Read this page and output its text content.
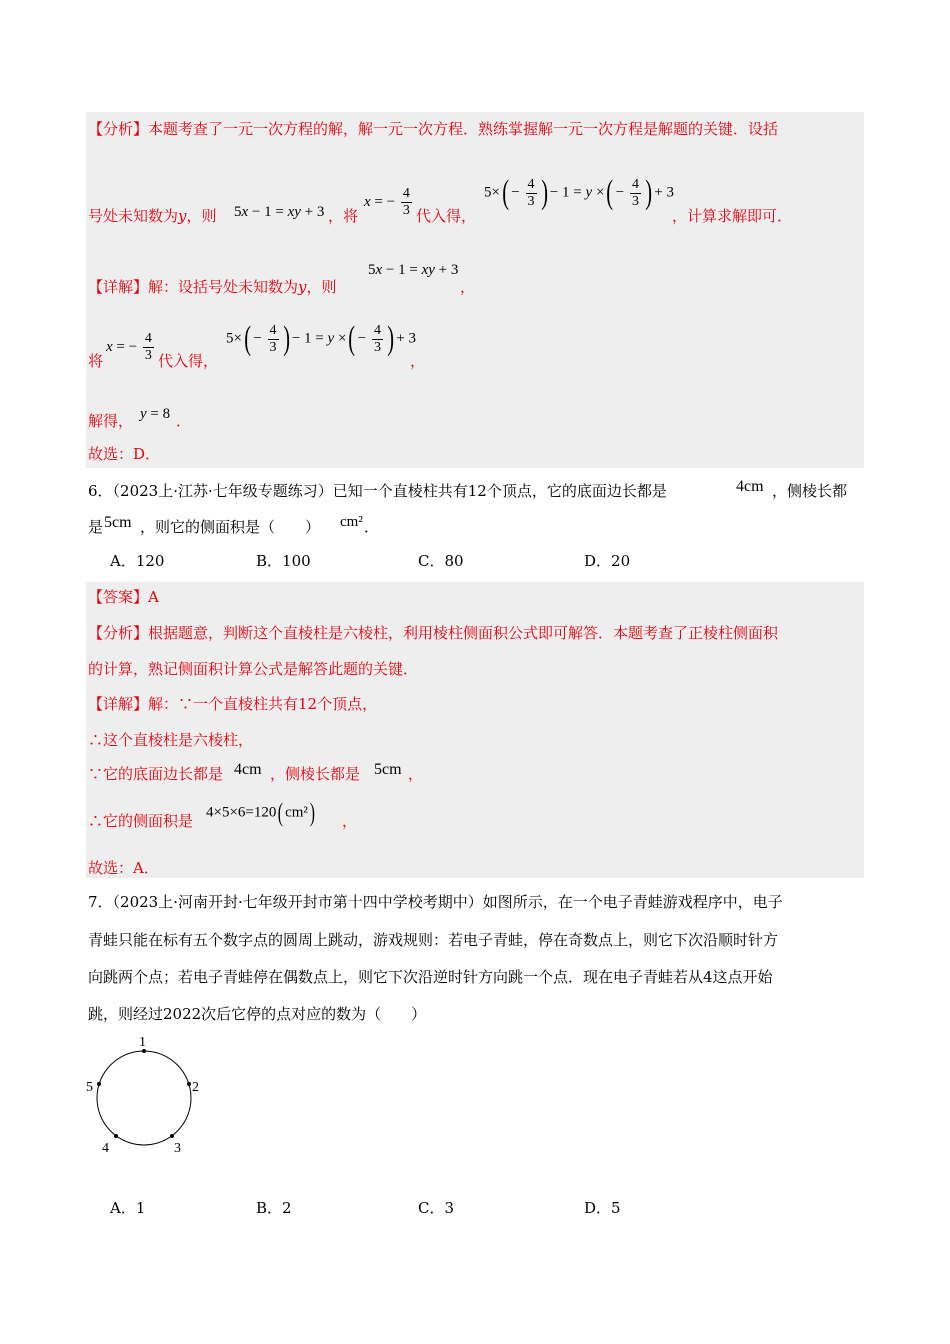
【分析】本题考查了一元一次方程的解，解一元一次方程．熟练掌握解一元一次方程是解题的关键．设括
号处未知数为y，则 5x − 1 = xy + 3 ，将
x = − $\frac{4}{3}$ 代入得，
$5\times( - \frac{4}{3}$ ) − 1 = y ×( − $\frac{4}{3}$ ) + 3
，计算求解即可．
【详解】解：设括号处未知数为y，则
5x − 1 = xy + 3
，
将
x = − $\frac{4}{3}$ 代入得，
$5\times( - \frac{4}{3}$ ) − 1 = y ×( − $\frac{4}{3}$ ) + 3
，
解得， y = 8 ．
故选：D．
6．（2023上·江苏·七年级专题练习）已知一个直棱柱共有12个顶点，它的底面边长都是	4cm ，侧棱长都
是 5cm ，则它的侧面积是（　　） cm² ．
A．120	B．100	C．80	D．20
【答案】A
【分析】根据题意，判断这个直棱柱是六棱柱，利用棱柱侧面积公式即可解答．本题考查了正棱柱侧面积
的计算，熟记侧面积计算公式是解答此题的关键．
【详解】解：∵一个直棱柱共有12个顶点，
∴这个直棱柱是六棱柱，
∵它的底面边长都是 4cm ，侧棱长都是 5cm ，
∴它的侧面积是 4×5×6=120( cm²) ，
故选：A．
7．（2023上·河南开封·七年级开封市第十四中学校考期中）如图所示，在一个电子青蛙游戏程序中，电子
青蛙只能在标有五个数字点的圆周上跳动，游戏规则：若电子青蛙，停在奇数点上，则它下次沿顺时针方
向跳两个点；若电子青蛙停在偶数点上，则它下次沿逆时针方向跳一个点．现在电子青蛙若从4这点开始
跳，则经过2022次后它停的点对应的数为（　　）
1
2
3
4
5
A．1	B．2	C．3	D．5
